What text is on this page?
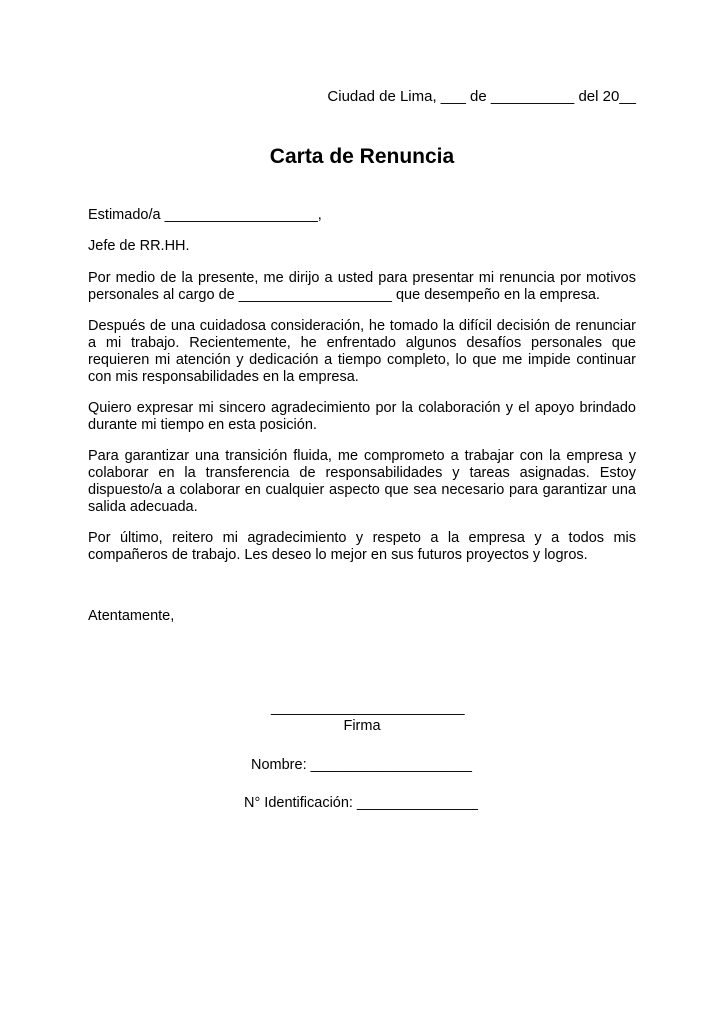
Ciudad de Lima, ___ de __________ del 20__
Carta de Renuncia

Estimado/a ___________________,

Jefe de RR.HH.

Por medio de la presente, me dirijo a usted para presentar mi renuncia por motivos personales al cargo de ___________________ que desempeño en la empresa.

Después de una cuidadosa consideración, he tomado la difícil decisión de renunciar a mi trabajo. Recientemente, he enfrentado algunos desafíos personales que requieren mi atención y dedicación a tiempo completo, lo que me impide continuar con mis responsabilidades en la empresa.

Quiero expresar mi sincero agradecimiento por la colaboración y el apoyo brindado durante mi tiempo en esta posición.

Para garantizar una transición fluida, me comprometo a trabajar con la empresa y colaborar en la transferencia de responsabilidades y tareas asignadas. Estoy dispuesto/a a colaborar en cualquier aspecto que sea necesario para garantizar una salida adecuada.

Por último, reitero mi agradecimiento y respeto a la empresa y a todos mis compañeros de trabajo. Les deseo lo mejor en sus futuros proyectos y logros.

Atentamente,

________________________
Firma
Nombre: ____________________
N° Identificación: _______________
